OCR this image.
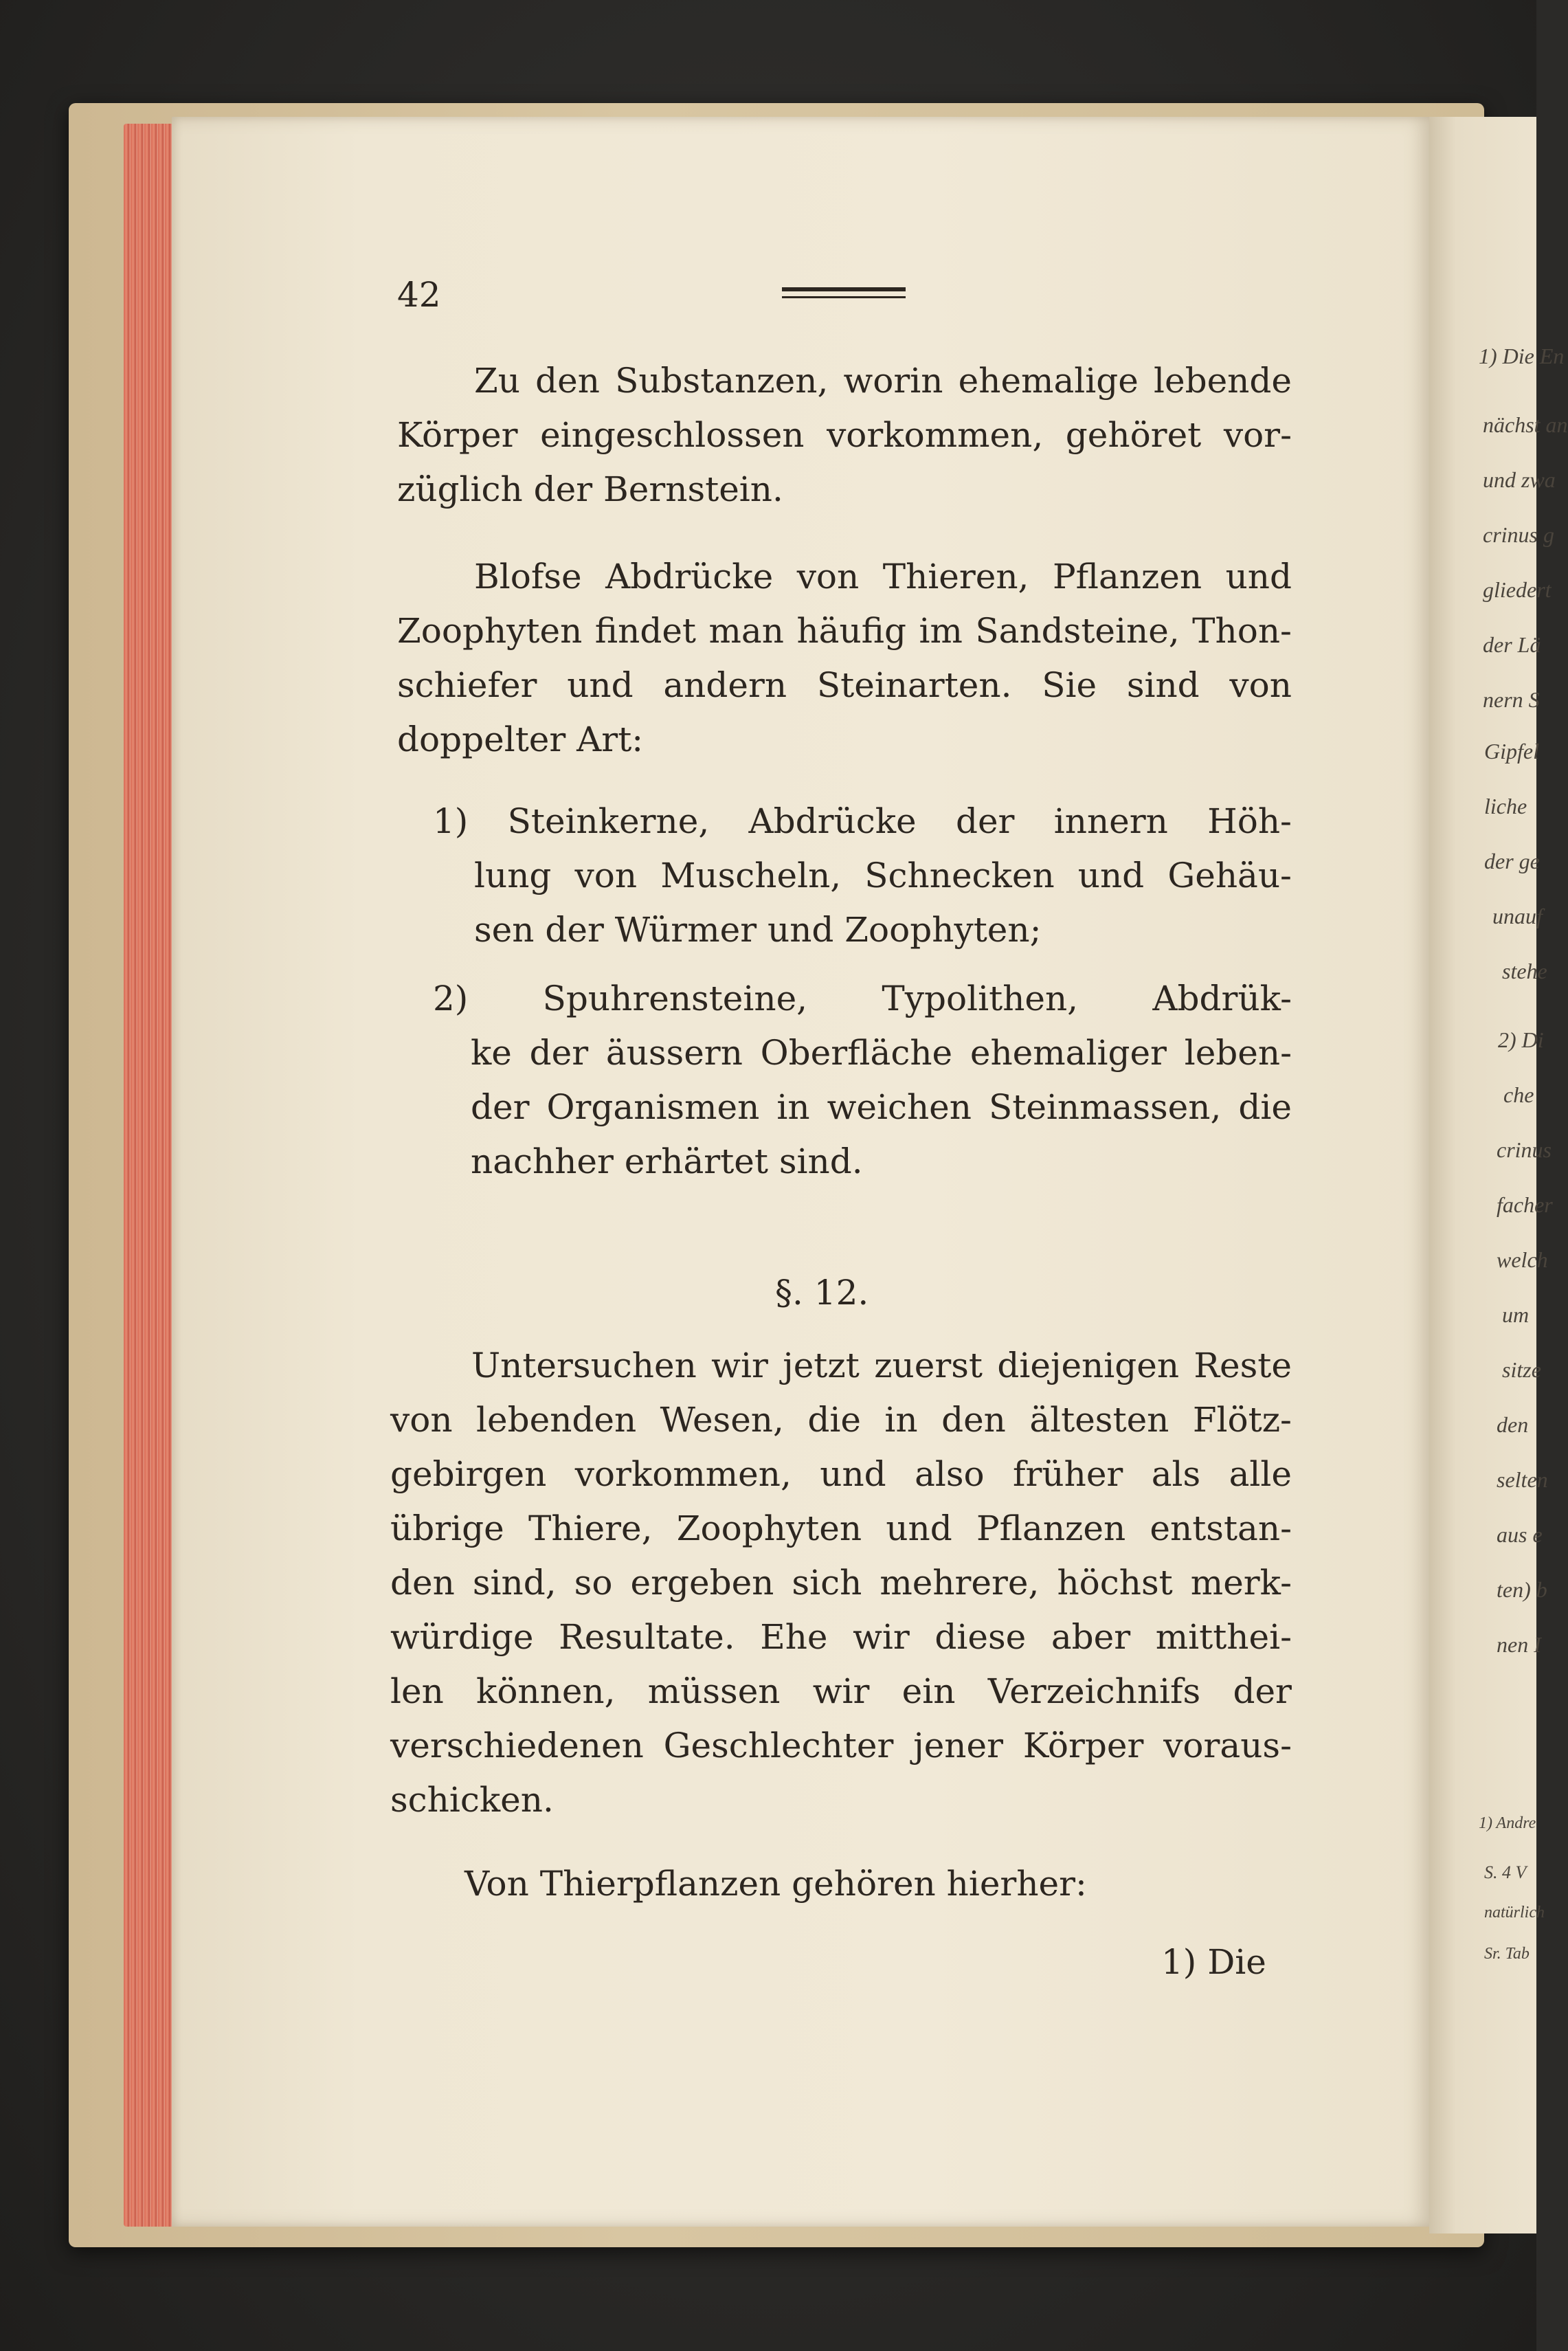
42
Zu den Substanzen, worin ehemalige lebende
Körper eingeschlossen vorkommen, gehöret vor-
züglich der Bernstein.
Blofse Abdrücke von Thieren, Pflanzen und
Zoophyten findet man häufig im Sandsteine, Thon-
schiefer und andern Steinarten. Sie sind von
doppelter Art:
1) Steinkerne, Abdrücke der innern Höh-
lung von Muscheln, Schnecken und Gehäu-
sen der Würmer und Zoophyten;
2) Spuhrensteine, Typolithen, Abdrük-
ke der äussern Oberfläche ehemaliger leben-
der Organismen in weichen Steinmassen, die
nachher erhärtet sind.
§. 12.
Untersuchen wir jetzt zuerst diejenigen Reste
von lebenden Wesen, die in den ältesten Flötz-
gebirgen vorkommen, und also früher als alle
übrige Thiere, Zoophyten und Pflanzen entstan-
den sind, so ergeben sich mehrere, höchst merk-
würdige Resultate. Ehe wir diese aber mitthei-
len können, müssen wir ein Verzeichnifs der
verschiedenen Geschlechter jener Körper voraus-
schicken.
Von Thierpflanzen gehören hierher:
1) Die
1) Die En
nächst an
und zwa
crinus g
gliedert
der Lä
nern S
Gipfel
liche
der ge
unauf
stehe
2) Di
che
crinus
facher
welch
um
sitze
den
selten
aus e
ten) b
nen I
1) Andre
S. 4 V
natürlich
Sr. Tab
